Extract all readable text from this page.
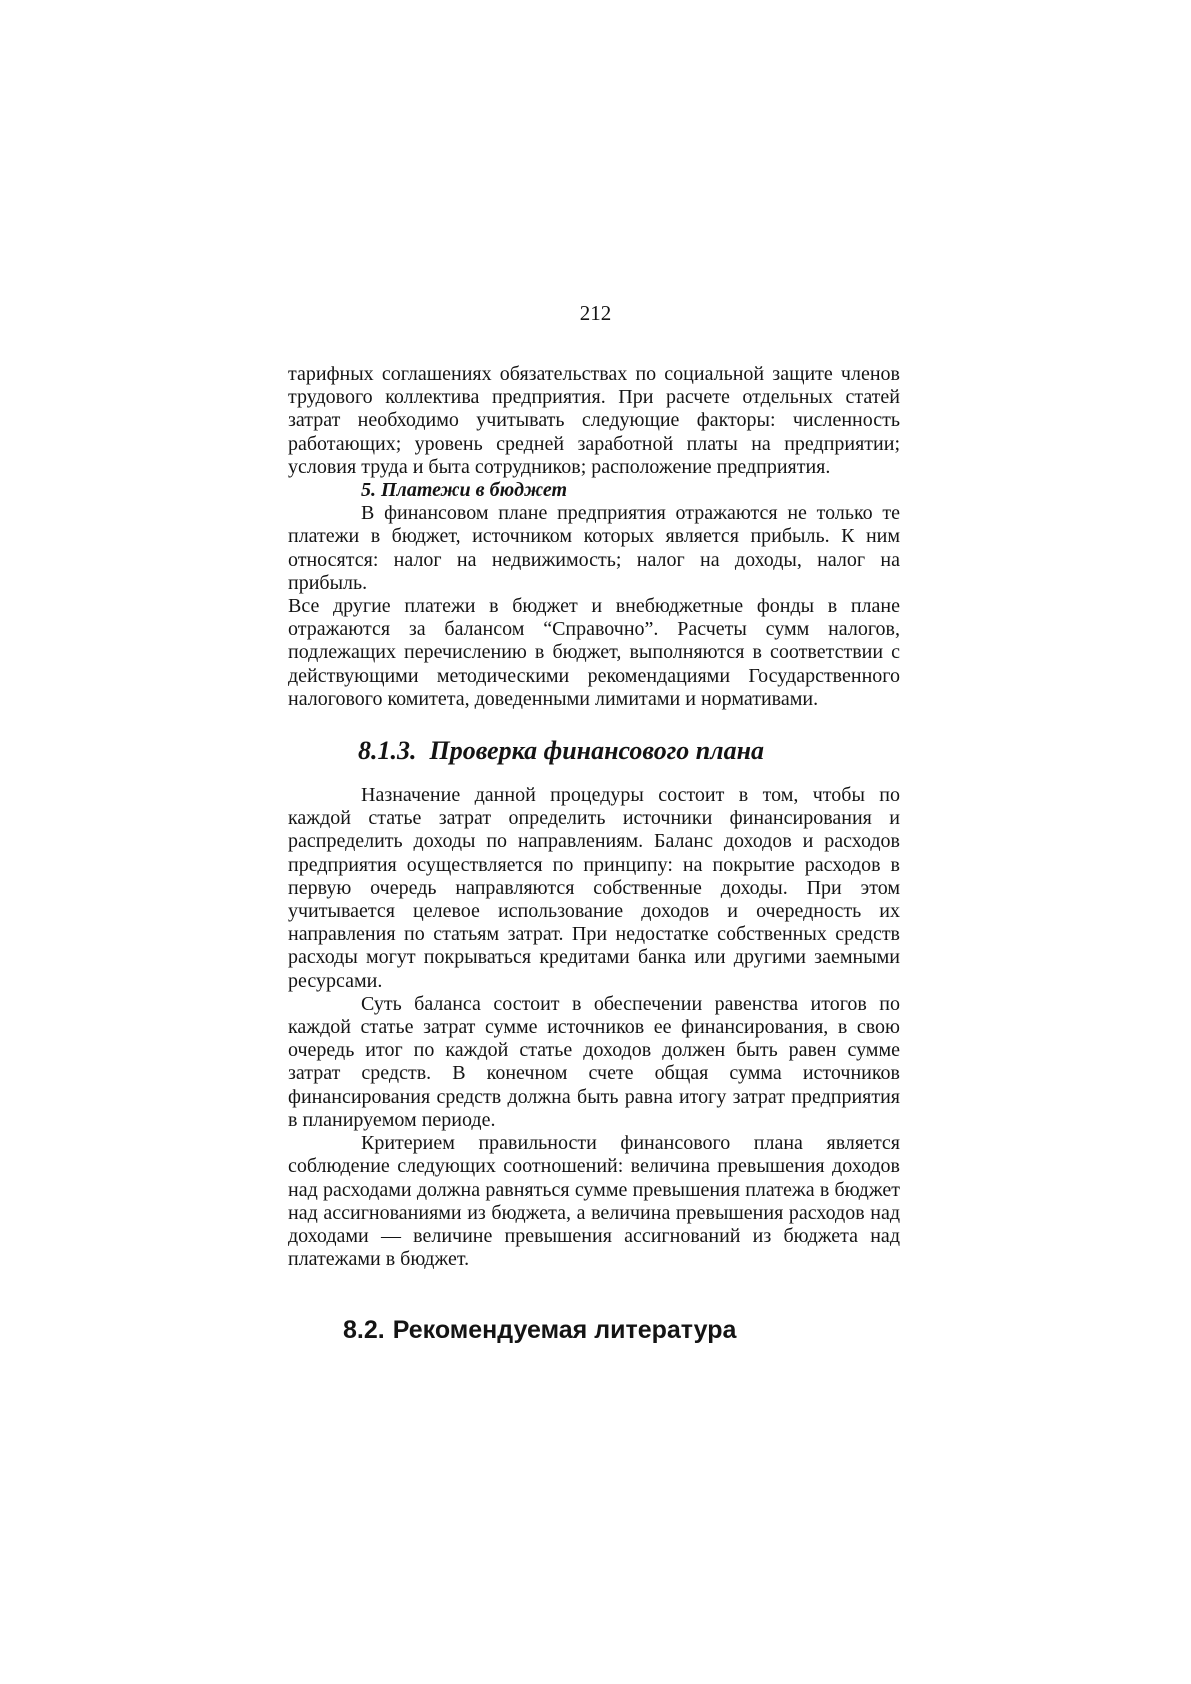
212
тарифных соглашениях обязательствах по социальной защите членов
трудового коллектива предприятия. При расчете отдельных статей
затрат необходимо учитывать следующие факторы: численность
работающих; уровень средней заработной платы на предприятии;
условия труда и быта сотрудников; расположение предприятия.
5. Платежи в бюджет
В финансовом плане предприятия отражаются не только те
платежи в бюджет, источником которых является прибыль. К ним
относятся: налог на недвижимость; налог на доходы, налог на прибыль.
Все другие платежи в бюджет и внебюджетные фонды в плане
отражаются за балансом “Справочно”. Расчеты сумм налогов,
подлежащих перечислению в бюджет, выполняются в соответствии с
действующими методическими рекомендациями Государственного
налогового комитета, доведенными лимитами и нормативами.
8.1.3. Проверка финансового плана
Назначение данной процедуры состоит в том, чтобы по
каждой статье затрат определить источники финансирования и
распределить доходы по направлениям. Баланс доходов и расходов
предприятия осуществляется по принципу: на покрытие расходов в
первую очередь направляются собственные доходы. При этом
учитывается целевое использование доходов и очередность их
направления по статьям затрат. При недостатке собственных средств
расходы могут покрываться кредитами банка или другими заемными
ресурсами.
Суть баланса состоит в обеспечении равенства итогов по
каждой статье затрат сумме источников ее финансирования, в свою
очередь итог по каждой статье доходов должен быть равен сумме
затрат средств. В конечном счете общая сумма источников
финансирования средств должна быть равна итогу затрат предприятия
в планируемом периоде.
Критерием правильности финансового плана является
соблюдение следующих соотношений: величина превышения доходов
над расходами должна равняться сумме превышения платежа в бюджет
над ассигнованиями из бюджета, а величина превышения расходов над
доходами — величине превышения ассигнований из бюджета над
платежами в бюджет.
8.2. Рекомендуемая литература
